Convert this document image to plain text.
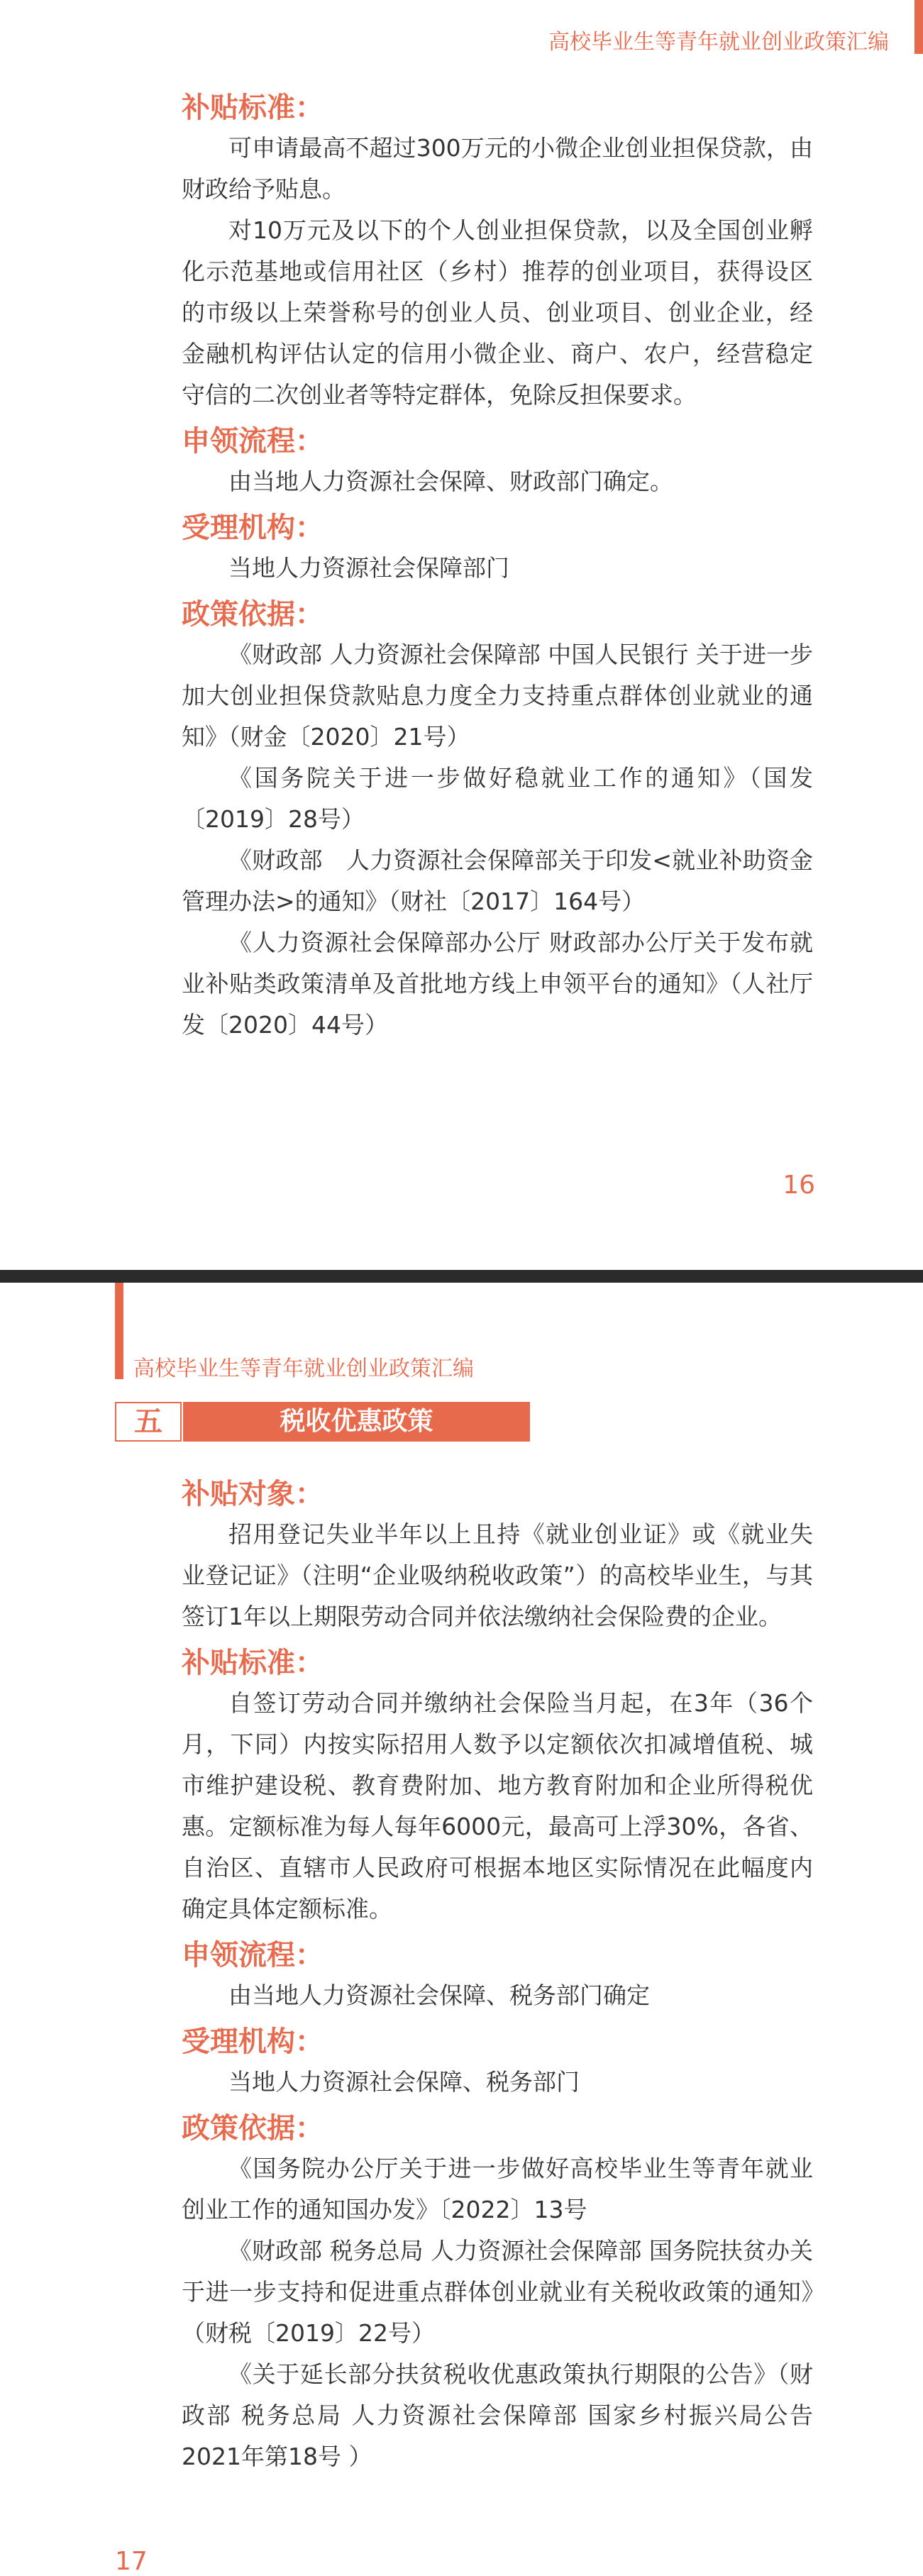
高校毕业生等青年就业创业政策汇编
补贴标准：

可申请最高不超过300万元的小微企业创业担保贷款，由财政给予贴息。

对10万元及以下的个人创业担保贷款，以及全国创业孵化示范基地或信用社区（乡村）推荐的创业项目，获得设区的市级以上荣誉称号的创业人员、创业项目、创业企业，经金融机构评估认定的信用小微企业、商户、农户，经营稳定守信的二次创业者等特定群体，免除反担保要求。

申领流程：

由当地人力资源社会保障、财政部门确定。

受理机构：

当地人力资源社会保障部门

政策依据：

《财政部 人力资源社会保障部 中国人民银行 关于进一步加大创业担保贷款贴息力度全力支持重点群体创业就业的通知》（财金〔2020〕21号）

《国务院关于进一步做好稳就业工作的通知》（国发〔2019〕28号）

《财政部　人力资源社会保障部关于印发<就业补助资金管理办法>的通知》（财社〔2017〕164号）

《人力资源社会保障部办公厅 财政部办公厅关于发布就业补贴类政策清单及首批地方线上申领平台的通知》（人社厅发〔2020〕44号）

16
高校毕业生等青年就业创业政策汇编
五	税收优惠政策
补贴对象：

招用登记失业半年以上且持《就业创业证》或《就业失业登记证》（注明“企业吸纳税收政策”）的高校毕业生，与其签订1年以上期限劳动合同并依法缴纳社会保险费的企业。

补贴标准：

自签订劳动合同并缴纳社会保险当月起，在3年（36个月，下同）内按实际招用人数予以定额依次扣减增值税、城市维护建设税、教育费附加、地方教育附加和企业所得税优惠。定额标准为每人每年6000元，最高可上浮30%，各省、自治区、直辖市人民政府可根据本地区实际情况在此幅度内确定具体定额标准。

申领流程：

由当地人力资源社会保障、税务部门确定

受理机构：

当地人力资源社会保障、税务部门

政策依据：

《国务院办公厅关于进一步做好高校毕业生等青年就业创业工作的通知国办发》〔2022〕13号

《财政部 税务总局 人力资源社会保障部 国务院扶贫办关于进一步支持和促进重点群体创业就业有关税收政策的通知》（财税〔2019〕22号）

《关于延长部分扶贫税收优惠政策执行期限的公告》（财政部 税务总局 人力资源社会保障部 国家乡村振兴局公告2021年第18号 ）

17
